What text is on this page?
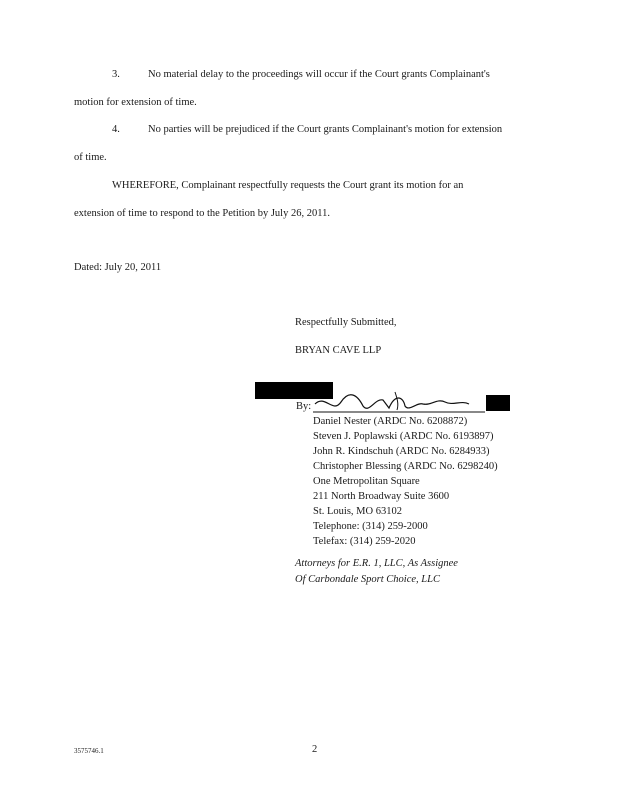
3.	No material delay to the proceedings will occur if the Court grants Complainant's
motion for extension of time.
4.	No parties will be prejudiced if the Court grants Complainant's motion for extension
of time.
WHEREFORE, Complainant respectfully requests the Court grant its motion for an
extension of time to respond to the Petition by July 26, 2011.
Dated: July 20, 2011
Respectfully Submitted,
BRYAN CAVE LLP
By:
Daniel Nester (ARDC No. 6208872)
Steven J. Poplawski (ARDC No. 6193897)
John R. Kindschuh (ARDC No. 6284933)
Christopher Blessing (ARDC No. 6298240)
One Metropolitan Square
211 North Broadway Suite 3600
St. Louis, MO 63102
Telephone: (314) 259-2000
Telefax: (314) 259-2020
Attorneys for E.R. 1, LLC, As Assignee
Of Carbondale Sport Choice, LLC
3575746.1	2
